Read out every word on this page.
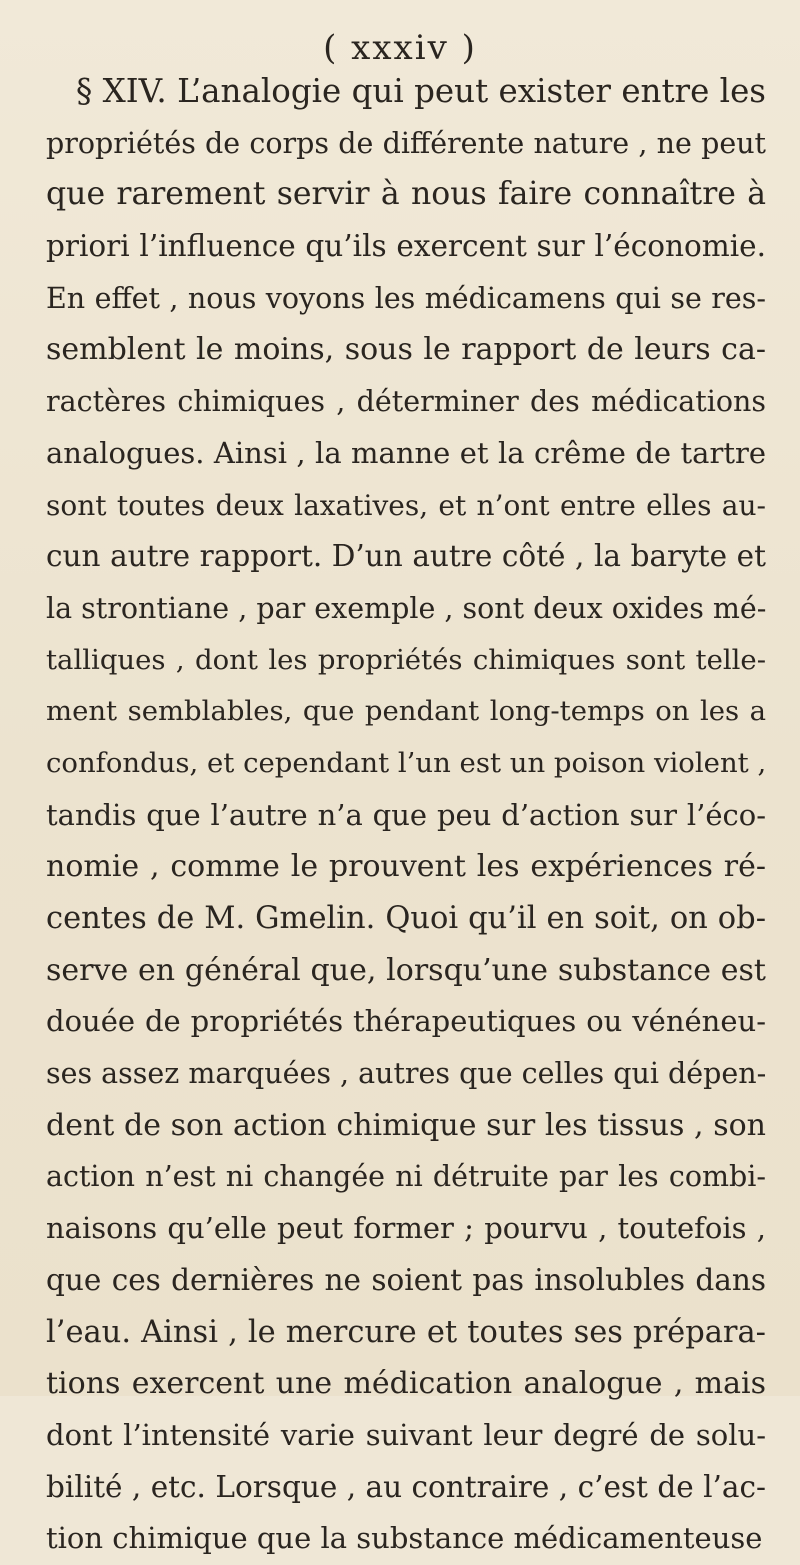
( xxxiv )
§ XIV. L’analogie qui peut exister entre les
propriétés de corps de différente nature , ne peut
que rarement servir à nous faire connaître à
priori l’influence qu’ils exercent sur l’économie.
En effet , nous voyons les médicamens qui se res-
semblent le moins, sous le rapport de leurs ca-
ractères chimiques , déterminer des médications
analogues. Ainsi , la manne et la crême de tartre
sont toutes deux laxatives, et n’ont entre elles au-
cun autre rapport. D’un autre côté , la baryte et
la strontiane , par exemple , sont deux oxides mé-
talliques , dont les propriétés chimiques sont telle-
ment semblables, que pendant long-temps on les a
confondus, et cependant l’un est un poison violent ,
tandis que l’autre n’a que peu d’action sur l’éco-
nomie , comme le prouvent les expériences ré-
centes de M. Gmelin. Quoi qu’il en soit, on ob-
serve en général que, lorsqu’une substance est
douée de propriétés thérapeutiques ou vénéneu-
ses assez marquées , autres que celles qui dépen-
dent de son action chimique sur les tissus , son
action n’est ni changée ni détruite par les combi-
naisons qu’elle peut former ; pourvu , toutefois ,
que ces dernières ne soient pas insolubles dans
l’eau. Ainsi , le mercure et toutes ses prépara-
tions exercent une médication analogue , mais
dont l’intensité varie suivant leur degré de solu-
bilité , etc. Lorsque , au contraire , c’est de l’ac-
tion chimique que la substance médicamenteuse
